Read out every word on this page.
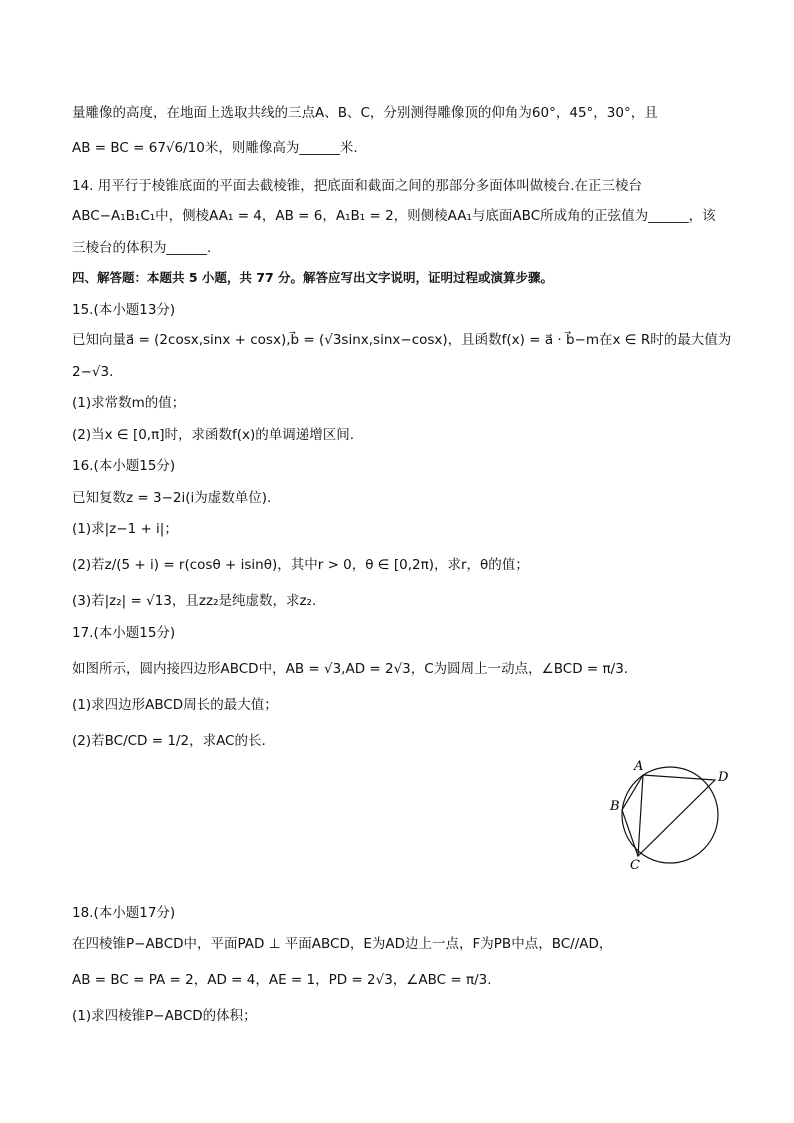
量雕像的高度，在地面上选取共线的三点A、B、C，分别测得雕像顶的仰角为60°，45°，30°，且
AB = BC = 67√6/10米，则雕像高为______米.
14. 用平行于棱锥底面的平面去截棱锥，把底面和截面之间的那部分多面体叫做棱台.在正三棱台
ABC−A₁B₁C₁中，侧棱AA₁ = 4，AB = 6，A₁B₁ = 2，则侧棱AA₁与底面ABC所成角的正弦值为______，该
三棱台的体积为______.
四、解答题：本题共 5 小题，共 77 分。解答应写出文字说明，证明过程或演算步骤。
15.(本小题13分)
已知向量a⃗ = (2cosx,sinx + cosx),b⃗ = (√3sinx,sinx−cosx)，且函数f(x) = a⃗ · b⃗−m在x ∈ R时的最大值为
2−√3.
(1)求常数m的值；
(2)当x ∈ [0,π]时，求函数f(x)的单调递增区间.
16.(本小题15分)
已知复数z = 3−2i(i为虚数单位).
(1)求|z−1 + i|；
(2)若z/(5 + i) = r(cosθ + isinθ)，其中r > 0，θ ∈ [0,2π)，求r，θ的值；
(3)若|z₂| = √13，且zz₂是纯虚数，求z₂.
17.(本小题15分)
如图所示，圆内接四边形ABCD中，AB = √3,AD = 2√3，C为圆周上一动点，∠BCD = π/3.
(1)求四边形ABCD周长的最大值；
(2)若BC/CD = 1/2，求AC的长.
A
B
C
D
18.(本小题17分)
在四棱锥P−ABCD中，平面PAD ⊥ 平面ABCD，E为AD边上一点，F为PB中点，BC//AD，
AB = BC = PA = 2，AD = 4，AE = 1，PD = 2√3，∠ABC = π/3.
(1)求四棱锥P−ABCD的体积；
